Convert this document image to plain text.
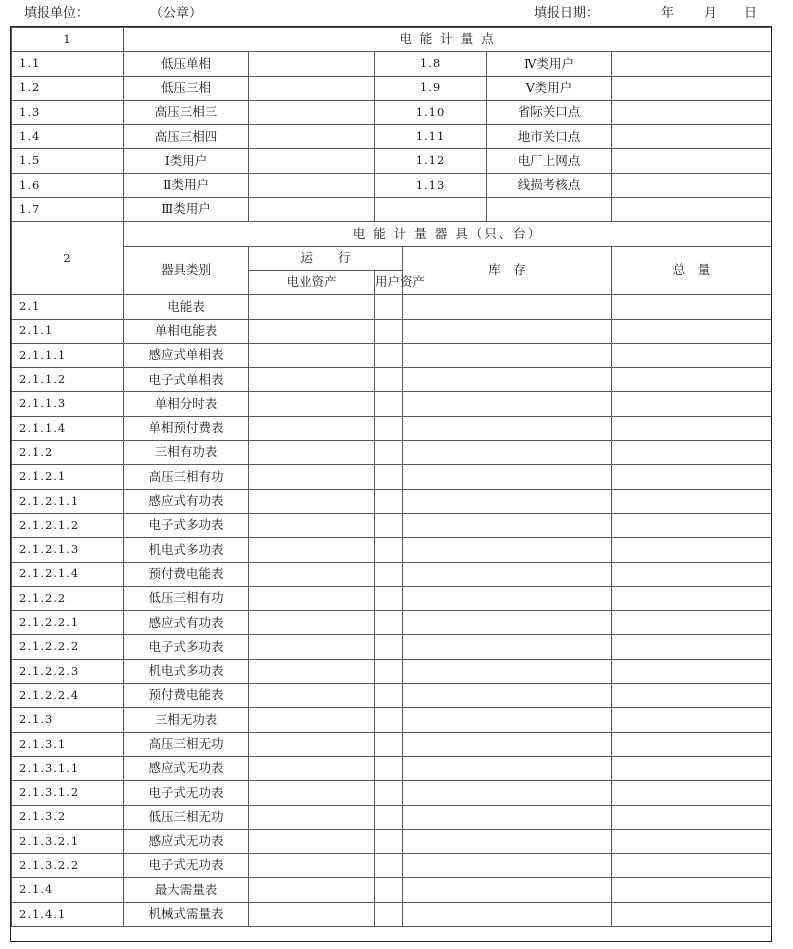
填报单位：	（公章）	填报日期：	年 月 日
1	电 能 计 量 点					
1.1	低压单相		1.8		Ⅳ类用户	
1.2	低压三相		1.9		Ⅴ类用户	
1.3	高压三相三		1.10		省际关口点	
1.4	高压三相四		1.11		地市关口点	
1.5	Ⅰ类用户		1.12		电厂上网点	
1.6	Ⅱ类用户		1.13		线损考核点	
1.7	Ⅲ类用户					
2	电 能 计 量 器 具（只、台）					
	器具类别	运　　行		库　存		总　量
		电业资产	用户资产			
2.1	电能表					
2.1.1	单相电能表					
2.1.1.1	感应式单相表					
2.1.1.2	电子式单相表					
2.1.1.3	单相分时表					
2.1.1.4	单相预付费表					
2.1.2	三相有功表					
2.1.2.1	高压三相有功					
2.1.2.1.1	感应式有功表					
2.1.2.1.2	电子式多功表					
2.1.2.1.3	机电式多功表					
2.1.2.1.4	预付费电能表					
2.1.2.2	低压三相有功					
2.1.2.2.1	感应式有功表					
2.1.2.2.2	电子式多功表					
2.1.2.2.3	机电式多功表					
2.1.2.2.4	预付费电能表					
2.1.3	三相无功表					
2.1.3.1	高压三相无功					
2.1.3.1.1	感应式无功表					
2.1.3.1.2	电子式无功表					
2.1.3.2	低压三相无功					
2.1.3.2.1	感应式无功表					
2.1.3.2.2	电子式无功表					
2.1.4	最大需量表					
2.1.4.1	机械式需量表					
